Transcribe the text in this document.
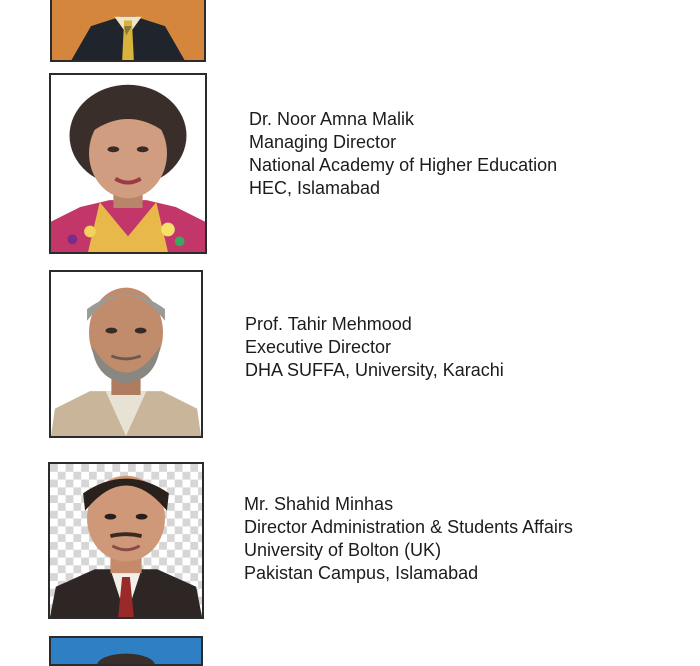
Dr. Noor Amna Malik
Managing Director
National Academy of Higher Education
HEC, Islamabad
Prof. Tahir Mehmood
Executive Director
DHA SUFFA, University, Karachi
Mr. Shahid Minhas
Director Administration & Students Affairs
University of Bolton (UK)
Pakistan Campus, Islamabad
